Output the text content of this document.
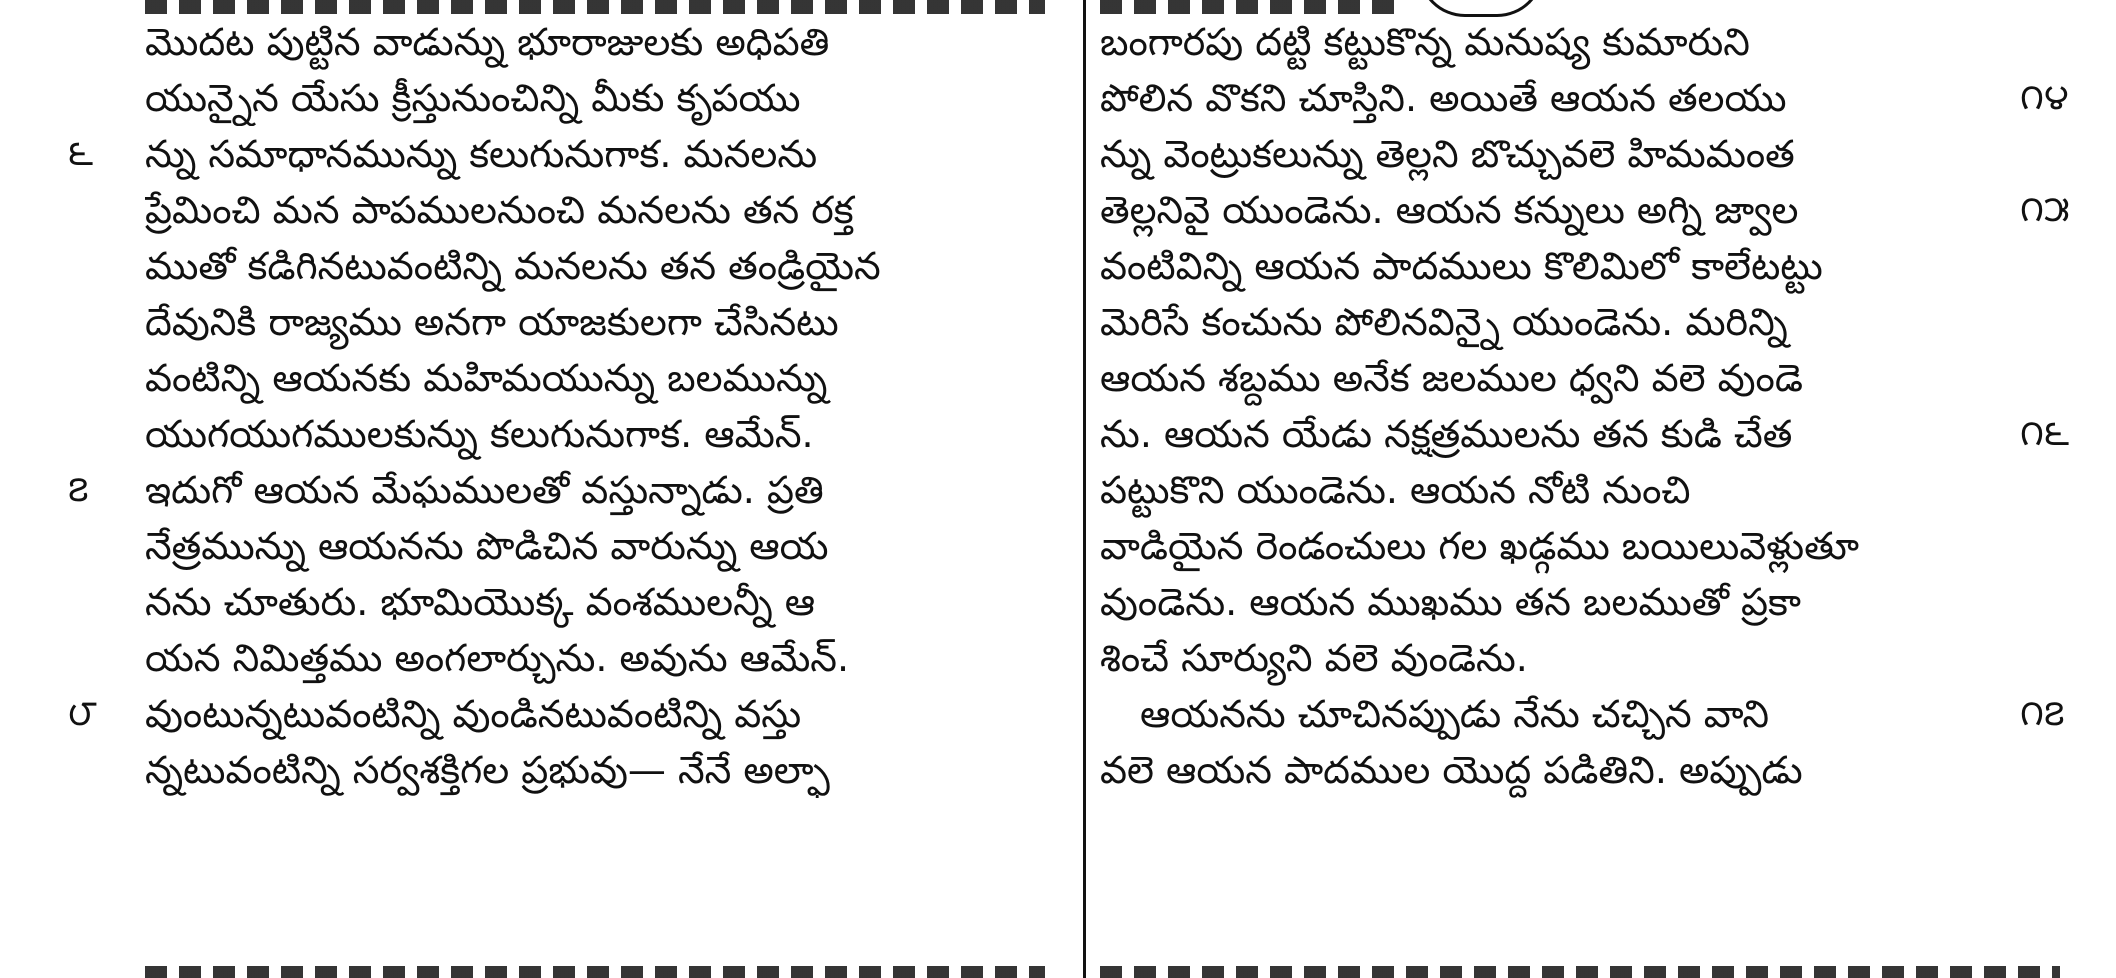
మొదట పుట్టిన వాడున్ను భూరాజులకు అధిపతి
యున్నైన యేసు క్రీస్తునుంచిన్ని మీకు కృపయు
న్ను సమాధానమున్ను కలుగునుగాక. మనలను
ప్రేమించి మన పాపములనుంచి మనలను తన రక్త
ముతో కడిగినటువంటిన్ని మనలను తన తండ్రియైన
దేవునికి రాజ్యము అనగా యాజకులగా చేసినటు
వంటిన్ని ఆయనకు మహిమయున్ను బలమున్ను
యుగయుగములకున్ను కలుగునుగాక. ఆమేన్.
ఇదుగో ఆయన మేఘములతో వస్తున్నాడు. ప్రతి
నేత్రమున్ను ఆయనను పొడిచిన వారున్ను ఆయ
నను చూతురు. భూమియొక్క వంశములన్నీ ఆ
యన నిమిత్తము అంగలార్చును. అవును ఆమేన్.
వుంటున్నటువంటిన్ని వుండినటువంటిన్ని వస్తు
న్నటువంటిన్ని సర్వశక్తిగల ప్రభువు— నేనే అల్ఫా
౬
౭
౮
బంగారపు దట్టి కట్టుకొన్న మనుష్య కుమారుని
పోలిన వొకని చూస్తిని. అయితే ఆయన తలయు
న్ను వెంట్రుకలున్ను తెల్లని బొచ్చువలె హిమమంత
తెల్లనివై యుండెను. ఆయన కన్నులు అగ్ని జ్వాల
వంటివిన్ని ఆయన పాదములు కొలిమిలో కాలేటట్టు
మెరిసే కంచును పోలినవిన్నై యుండెను. మరిన్ని
ఆయన శబ్దము అనేక జలముల ధ్వని వలె వుండె
ను. ఆయన యేడు నక్షత్రములను తన కుడి చేత
పట్టుకొని యుండెను. ఆయన నోటి నుంచి
వాడియైన రెండంచులు గల ఖడ్గము బయిలువెళ్లుతూ
వుండెను. ఆయన ముఖము తన బలముతో ప్రకా
శించే సూర్యుని వలె వుండెను.
ఆయనను చూచినప్పుడు నేను చచ్చిన వాని
వలె ఆయన పాదముల యొద్ద పడితిని. అప్పుడు
౧౪
౧౫
౧౬
౧౭
